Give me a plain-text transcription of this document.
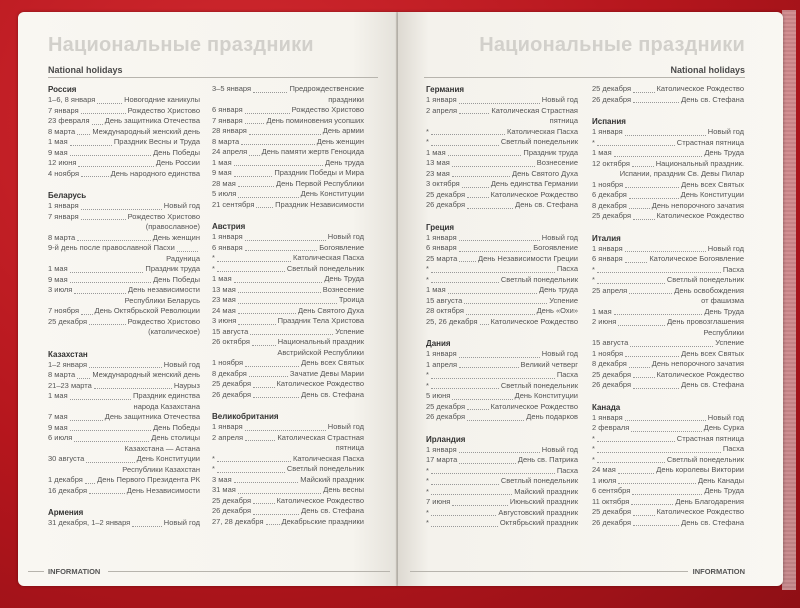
Национальные праздники
National holidays
Россия
1–6, 8 января	Новогодние каникулы
7 января	Рождество Христово
23 февраля День защитника Отечества
8 марта Международный женский день
1 мая	Праздник Весны и Труда
9 мая	День Победы
12 июня	День России
4 ноября	День народного единства
Беларусь
1 января	Новый год
7 января	Рождество Христово
(православное)
8 марта	День женщин
9-й день после православной Пасхи
Радуница
1 мая	Праздник труда
9 мая	День Победы
3 июля	День независимости
Республики Беларусь
7 ноября День Октябрьской Революции
25 декабря	Рождество Христово
(католическое)
Казахстан
1–2 января	Новый год
8 марта Международный женский день
21–23 марта	Наурыз
1 мая	Праздник единства
народа Казахстана
7 мая	День защитника Отечества
9 мая	День Победы
6 июля	День столицы
Казахстана — Астана
30 августа	День Конституции
Республики Казахстан
1 декабря День Первого Президента РК
16 декабря	День Независимости
Армения
31 декабря, 1–2 января	Новый год
3–5 января	Предрождественские
праздники
6 января	Рождество Христово
7 января	День поминовения усопших
28 января	День армии
8 марта	День женщин
24 апреля День памяти жертв Геноцида
1 мая	День труда
9 мая	Праздник Победы и Мира
28 мая	День Первой Республики
5 июля	День Конституции
21 сентября	Праздник Независимости
Австрия
1 января	Новый год
6 января	Богоявление
*	Католическая Пасха
*	Светлый понедельник
1 мая	День Труда
13 мая	Вознесение
23 мая	Троица
24 мая	День Святого Духа
3 июня	Праздник Тела Христова
15 августа	Успение
26 октября	Национальный праздник
Австрийской Республики
1 ноября	День всех Святых
8 декабря	Зачатие Девы Марии
25 декабря	Католическое Рождество
26 декабря	День св. Стефана
Великобритания
1 января	Новый год
2 апреля	Католическая Страстная
пятница
*	Католическая Пасха
*	Светлый понедельник
3 мая	Майский праздник
31 мая	День весны
25 декабря	Католическое Рождество
26 декабря	День св. Стефана
27, 28 декабря Декабрьские праздники
INFORMATION
Национальные праздники
National holidays
Германия
1 января	Новый год
2 апреля	Католическая Страстная
пятница
*	Католическая Пасха
*	Светлый понедельник
1 мая	Праздник труда
13 мая	Вознесение
23 мая	День Святого Духа
3 октября	День единства Германии
25 декабря	Католическое Рождество
26 декабря	День св. Стефана
Греция
1 января	Новый год
6 января	Богоявление
25 марта	День Независимости Греции
*	Пасха
*	Светлый понедельник
1 мая	День труда
15 августа	Успение
28 октября	День «Охи»
25, 26 декабря Католическое Рождество
Дания
1 января	Новый год
1 апреля	Великий четверг
*	Пасха
*	Светлый понедельник
5 июня	День Конституции
25 декабря	Католическое Рождество
26 декабря	День подарков
Ирландия
1 января	Новый год
17 марта	День св. Патрика
*	Пасха
*	Светлый понедельник
*	Майский праздник
7 июня	Июньский праздник
*	Августовский праздник
*	Октябрьский праздник
25 декабря	Католическое Рождество
26 декабря	День св. Стефана
Испания
1 января	Новый год
*	Страстная пятница
1 мая	День Труда
12 октября	Национальный праздник.
Испании, праздник Св. Девы Пилар
1 ноября	День всех Святых
6 декабря	День Конституции
8 декабря	День непорочного зачатия
25 декабря	Католическое Рождество
Италия
1 января	Новый год
6 января	Католическое Богоявление
*	Пасха
*	Светлый понедельник
25 апреля	День освобождения
от фашизма
1 мая	День Труда
2 июня	День провозглашения
Республики
15 августа	Успение
1 ноября	День всех Святых
8 декабря	День непорочного зачатия
25 декабря	Католическое Рождество
26 декабря	День св. Стефана
Канада
1 января	Новый год
2 февраля	День Сурка
*	Страстная пятница
*	Пасха
*	Светлый понедельник
24 мая	День королевы Виктории
1 июля	День Канады
6 сентября	День Труда
11 октября	День Благодарения
25 декабря	Католическое Рождество
26 декабря	День св. Стефана
INFORMATION
